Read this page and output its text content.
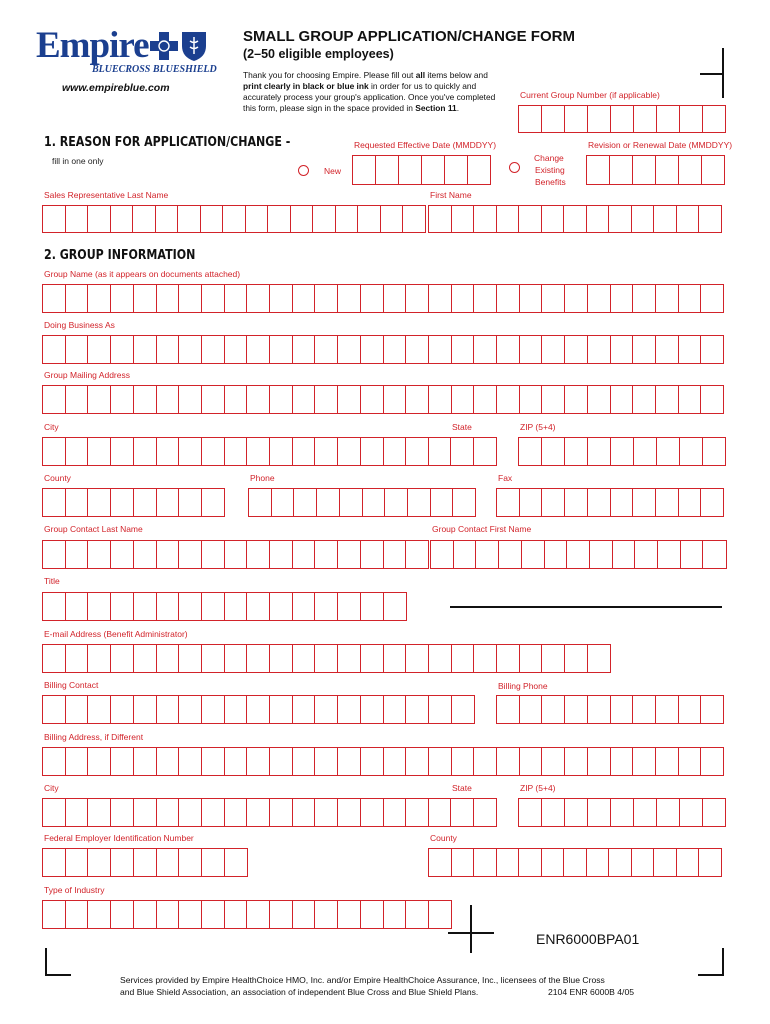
Empire
BLUECROSS BLUESHIELD
www.empireblue.com
SMALL GROUP APPLICATION/CHANGE FORM
(2–50 eligible employees)
Thank you for choosing Empire. Please fill out all items below and print clearly in black or blue ink in order for us to quickly and accurately process your group's application. Once you've completed this form, please sign in the space provided in Section 11.
Current Group Number (if applicable)
1. REASON FOR APPLICATION/CHANGE -
fill in one only
Requested Effective Date (MMDDYY)	Revision or Renewal Date (MMDDYY)
New
Change
Existing
Benefits
Sales Representative Last Name	First Name
2. GROUP INFORMATION
Group Name (as it appears on documents attached)
Doing Business As
Group Mailing Address
City	State	ZIP (5+4)
County	Phone	Fax
Group Contact Last Name	Group Contact First Name
Title
E-mail Address (Benefit Administrator)
Billing Contact	Billing Phone
Billing Address, if Different
City	State	ZIP (5+4)
Federal Employer Identification Number	County
Type of Industry
ENR6000BPA01
Services provided by Empire HealthChoice HMO, Inc. and/or Empire HealthChoice Assurance, Inc., licensees of the Blue Cross
and Blue Shield Association, an association of independent Blue Cross and Blue Shield Plans.	2104 ENR 6000B 4/05
